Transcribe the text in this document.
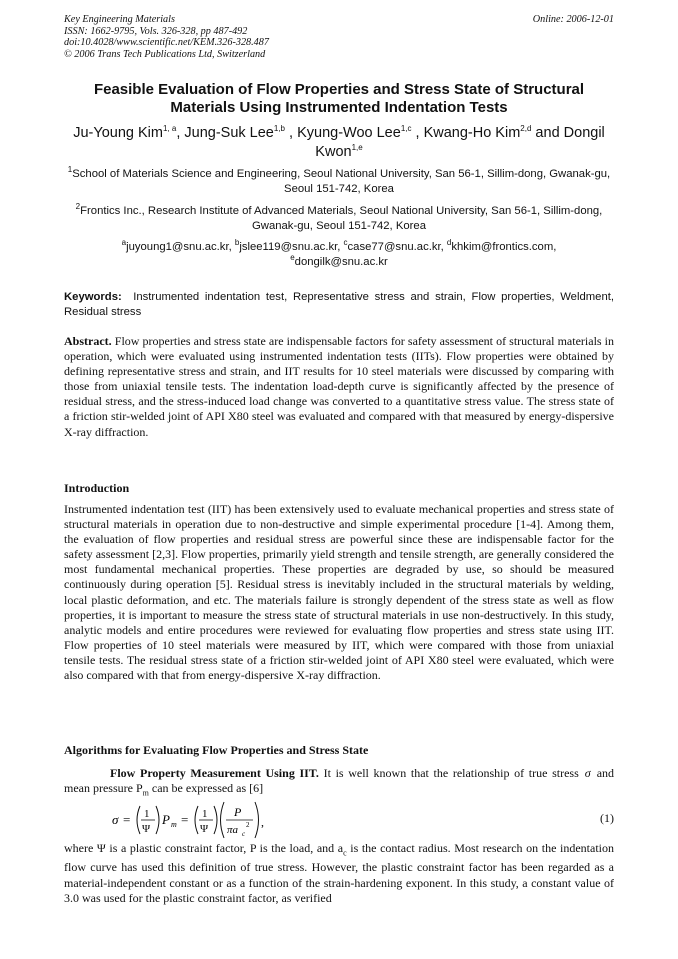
Key Engineering Materials
ISSN: 1662-9795, Vols. 326-328, pp 487-492
doi:10.4028/www.scientific.net/KEM.326-328.487
© 2006 Trans Tech Publications Ltd, Switzerland
Online: 2006-12-01
Feasible Evaluation of Flow Properties and Stress State of Structural Materials Using Instrumented Indentation Tests
Ju-Young Kim$^{1, a}$, Jung-Suk Lee$^{1,b}$ , Kyung-Woo Lee$^{1,c}$ , Kwang-Ho Kim$^{2,d}$ and Dongil Kwon$^{1,e}$
$^1$School of Materials Science and Engineering, Seoul National University, San 56-1, Sillim-dong, Gwanak-gu, Seoul 151-742, Korea
$^2$Frontics Inc., Research Institute of Advanced Materials, Seoul National University, San 56-1, Sillim-dong, Gwanak-gu, Seoul 151-742, Korea
$^a$juyoung1@snu.ac.kr, $^b$jslee119@snu.ac.kr, $^c$case77@snu.ac.kr, $^d$khkim@frontics.com,
$^e$dongilk@snu.ac.kr
Keywords: Instrumented indentation test, Representative stress and strain, Flow properties, Weldment, Residual stress
Abstract. Flow properties and stress state are indispensable factors for safety assessment of structural materials in operation, which were evaluated using instrumented indentation tests (IITs). Flow properties were obtained by defining representative stress and strain, and IIT results for 10 steel materials were discussed by comparing with those from uniaxial tensile tests. The indentation load-depth curve is significantly affected by the presence of residual stress, and the stress-induced load change was converted to a quantitative stress value. The stress state of a friction stir-welded joint of API X80 steel was evaluated and compared with that measured by energy-dispersive X-ray diffraction.
Introduction
Instrumented indentation test (IIT) has been extensively used to evaluate mechanical properties and stress state of structural materials in operation due to non-destructive and simple experimental procedure [1-4]. Among them, the evaluation of flow properties and residual stress are powerful since these are indispensable factor for the safety assessment [2,3]. Flow properties, primarily yield strength and tensile strength, are generally considered the most fundamental mechanical properties. These properties are degraded by use, so should be measured continuously during operation [5]. Residual stress is inevitably included in the structural materials by welding, local plastic deformation, and etc. The materials failure is strongly dependent of the stress state as well as flow properties, it is important to measure the stress state of structural materials in use non-destructively. In this study, analytic models and entire procedures were reviewed for evaluating flow properties and stress state using IIT. Flow properties of 10 steel materials were measured by IIT, which were compared with those from uniaxial tensile tests. The residual stress state of a friction stir-welded joint of API X80 steel were evaluated, which were also compared with that from energy-dispersive X-ray diffraction.
Algorithms for Evaluating Flow Properties and Stress State
Flow Property Measurement Using IIT. It is well known that the relationship of true stress σ and mean pressure $P_m$ can be expressed as [6]
σ = 1
Ψ
P m = 1
Ψ
P
πa c
2 ,	(1)
where Ψ is a plastic constraint factor, P is the load, and $a_c$ is the contact radius. Most research on the indentation flow curve has used this definition of true stress. However, the plastic constraint factor has been regarded as a material-independent constant or as a function of the strain-hardening exponent. In this study, a constant value of 3.0 was used for the plastic constraint factor, as verified
